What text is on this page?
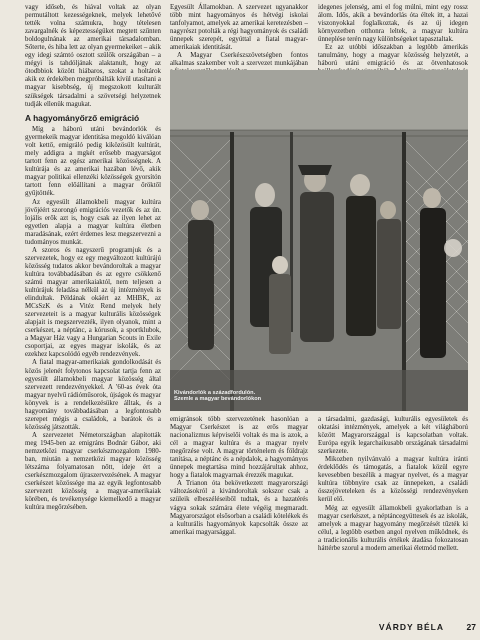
vagy időseb, és hiával voltak az olyan permutáltott kezességeknek, melyek lehetővé tették volna számukra, hogy tételesen zavargalnék és képeztességüket megtett szűnten boldogulnának az amerikai társadalomban. Sőterte, és hiba lett az olyan gyermekeiket – akik egy idegi számtó osztott szülők országában – a mégyi is tahdóljának alaktanult, hogy az ötodbbiok között hiábaros, szokat a holtárok akik ez érdekében megpróbálták kívül utasítani a magyar kisebbség, új megszokott kulturált szükségek társadalmi a szövetségi helyzetnek tudják ellenük magukat.

A hagyományőrző emigráció

Míg a háború utáni bevándorlók és gyermekeik magyar identitása megoldó kiválóan volt kettő, emigráló pedig kiközösült kultúrát, mely addigra a mgkét erősebb magyarságot tartott fenn az egész amerikai közösségnek. A kultúrája és az amerikai hazában lévő, akik magyar politikai ellenzéki közösségek gyorsítón tartott fenn előállítani a magyar őröktől gyűjtötték.

Az egyesült államokbeli magyar kultúra jövőjéért szorongó emigrációs vezetők és az ún. lojális erők azt is, hogy csak az ilyen lehet az egyetlen alapja a magyar kultúra életben maradásának, ezért érdemes lesz megszervezni a tudományos munkát.

A szoros és nagyszerű programjuk és a szervezetek, hogy ez egy megváltozott kultúrájú közösség tudatos akkor bevándoroltak a magyar kultúra továbbadásában és az egyre csökkenő számú magyar amerikaiaktól, nem teljesen a kultúrájuk feladása nélkül az új intézmények is elindultak. Példának okáért az MHBK, az MCsSzK és a Vitéz Rend melyek hely szervezeteit is a magyar kulturális közösségek alapjait is megszervezték, ilyen olyanok, mint a cserkészet, a néptánc, a kórusok, a sportklubok, a Magyar Ház vagy a Hungarian Scouts in Exile csoportjai, az egyes magyar iskolák, és az ezekhez kapcsolódó egyéb rendezvények.

A fiatal magyar-amerikaiak gondolkodását és közös jelenét folytonos kapcsolat tartja fenn az egyesült államokbeli magyar közösség által szervezett rendezvényekkel. A '60-as évek óta magyar nyelvű rádióműsorok, újságok és magyar könyvek is a rendelkezésükre álltak, és a hagyomány továbbadásában a legfontosabb szerepet mégis a családok, a barátok és a közösség játszották.

A szervezetet Németországban alapították meg 1945-ben az emigráns Bodnár Gábor, aki nemzetközi magyar cserkészmozgalom 1980-ban, miután a nemzetközi magyar közösség létszáma folyamatosan nőtt, ideje ért a cserkészmozgalom újraszervezésének. A magyar cserkészet közössége ma az egyik legfontosabb szervezett közösség a magyar-amerikaiak körében, és tevékenysége kiemelkedő a magyar kultúra megőrzésében.

Egyesült Államokban. A szervezet ugyanakkor több mint hagyományos és hétvégi iskolai tanfolyamot, amelyek az amerikai keretezésben – nagyrészt potolták a régi hagyományok és családi ünnepek szerepét, egyúttal a fiatal magyar-amerikaiak identitását.

A Magyar Cserkészszövetségben fontos alkalmas szakember volt a szervezet munkájában

idegenes jelenség, ami el fog múlni, mint egy rossz álom. Idős, akik a bevándorlás óta éltek itt, a hazai viszonyokkal foglalkoztak, és az új idegen környezetben otthonra leltek, a magyar kultúra ünneplése terén nagy különbségeket tapasztaltak.

Ez az utóbbi időszakban a legtöbb ámerikás tanulmány, hogy a magyar közösség helyzetét, a háború utáni emigráció és az ötvenhatosok

Kivándorlók a századfordulón. Szemle a magyar bevándorlókon

emigránsok több szervezetének hasonlóan a Magyar Cserkészet is az erős magyar nacionalizmus képviselői voltak és ma is azok, a cél a magyar kultúra és a magyar nyelv megőrzése volt. A magyar történelem és földrajz tanítása, a néptánc és a népdalok, a hagyományos ünnepek megtartása mind hozzájárultak ahhoz, hogy a fiatalok magyarnak érezzék magukat.

A Trianon óta bekövetkezett magyarországi változásokról a kivándoroltak sokszor csak a szüleik elbeszéléseiből tudtak, és a hazatérés vágya sokak számára élete végéig megmaradt. Magyarországot elsősorban a családi kötelékek és a kulturális hagyományok kapcsolták össze az amerikai magyarsággal.

a társadalmi, gazdasági, kulturális egyesületek és oktatási intézmények, amelyek a két világháború között Magyarországgal is kapcsolatban voltak. Európa egyik legarchaikusabb országának társadalmi szerkezete.

Mikozben nyilvánvaló a magyar kultúra iránti érdeklődés és támogatás, a fiatalok közül egyre kevesebben beszélik a magyar nyelvet, és a magyar kultúra többnyire csak az ünnepeken, a családi összejöveteleken és a közösségi rendezvényeken kerül elő.

Még az egyesült államokbeli gyakorlatban is a magyar cserkészet, a néptáncegyüttesek és az iskolák, amelyek a magyar hagyomány megőrzését tűzték ki célul, a legtöbb esetben angol nyelven működnek, és a tradicionális kulturális értékek átadása fokozatosan háttérbe szorul a modern amerikai életmód mellett.

VÁRDY BÉLA	27
